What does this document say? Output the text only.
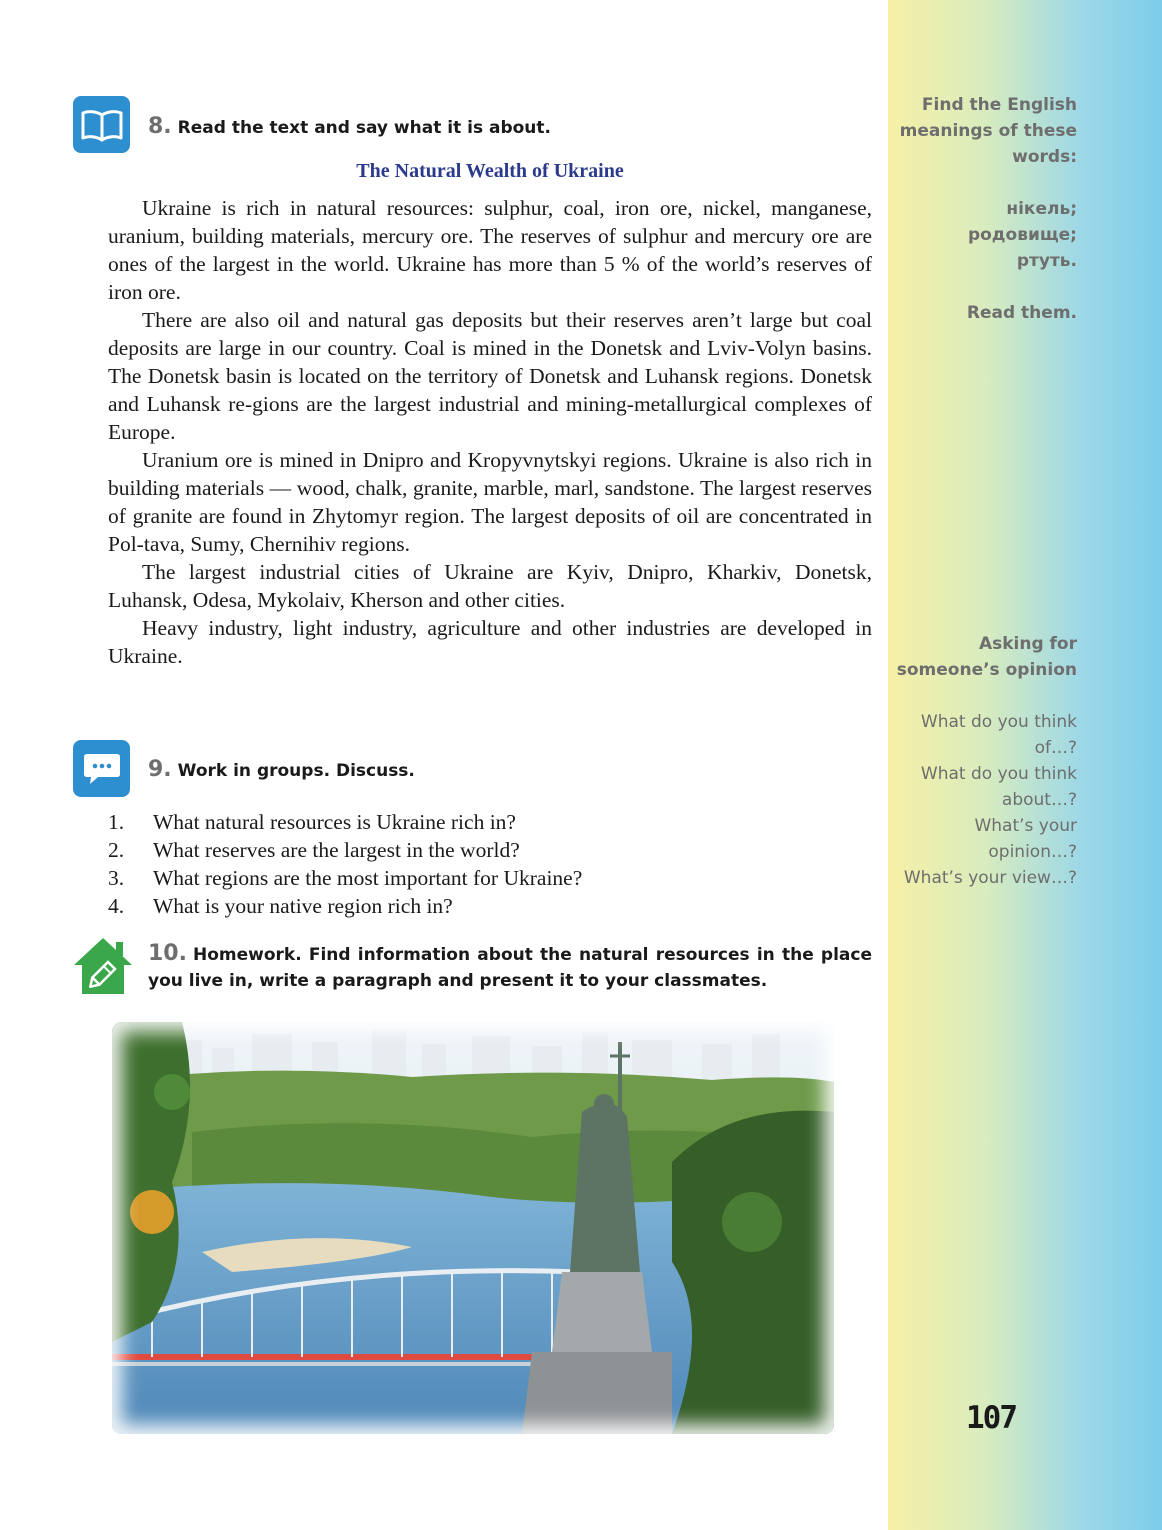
Find the English
meanings of these
words:
нікель;
родовище;
ртуть.
Read them.
Asking for
someone’s opinion
What do you think
of…?
What do you think
about…?
What’s your
opinion…?
What’s your view…?
107
8. Read the text and say what it is about.
The Natural Wealth of Ukraine

Ukraine is rich in natural resources: sulphur, coal, iron ore, nickel, manganese, uranium, building materials, mercury ore. The reserves of sulphur and mercury ore are ones of the largest in the world. Ukraine has more than 5 % of the world’s reserves of iron ore.

There are also oil and natural gas deposits but their reserves aren’t large but coal deposits are large in our country. Coal is mined in the Donetsk and Lviv-Volyn basins. The Donetsk basin is located on the territory of Donetsk and Luhansk regions. Donetsk and Luhansk re-gions are the largest industrial and mining-metallurgical complexes of Europe.

Uranium ore is mined in Dnipro and Kropyvnytskyi regions. Ukraine is also rich in building materials — wood, chalk, granite, marble, marl, sandstone. The largest reserves of granite are found in Zhytomyr region. The largest deposits of oil are concentrated in Pol-tava, Sumy, Chernihiv regions.

The largest industrial cities of Ukraine are Kyiv, Dnipro, Kharkiv, Donetsk, Luhansk, Odesa, Mykolaiv, Kherson and other cities.

Heavy industry, light industry, agriculture and other industries are developed in Ukraine.

9. Work in groups. Discuss.
1.	What natural resources is Ukraine rich in?
2.	What reserves are the largest in the world?
3.	What regions are the most important for Ukraine?
4.	What is your native region rich in?
10. Homework. Find information about the natural resources in the place you live in, write a paragraph and present it to your classmates.
